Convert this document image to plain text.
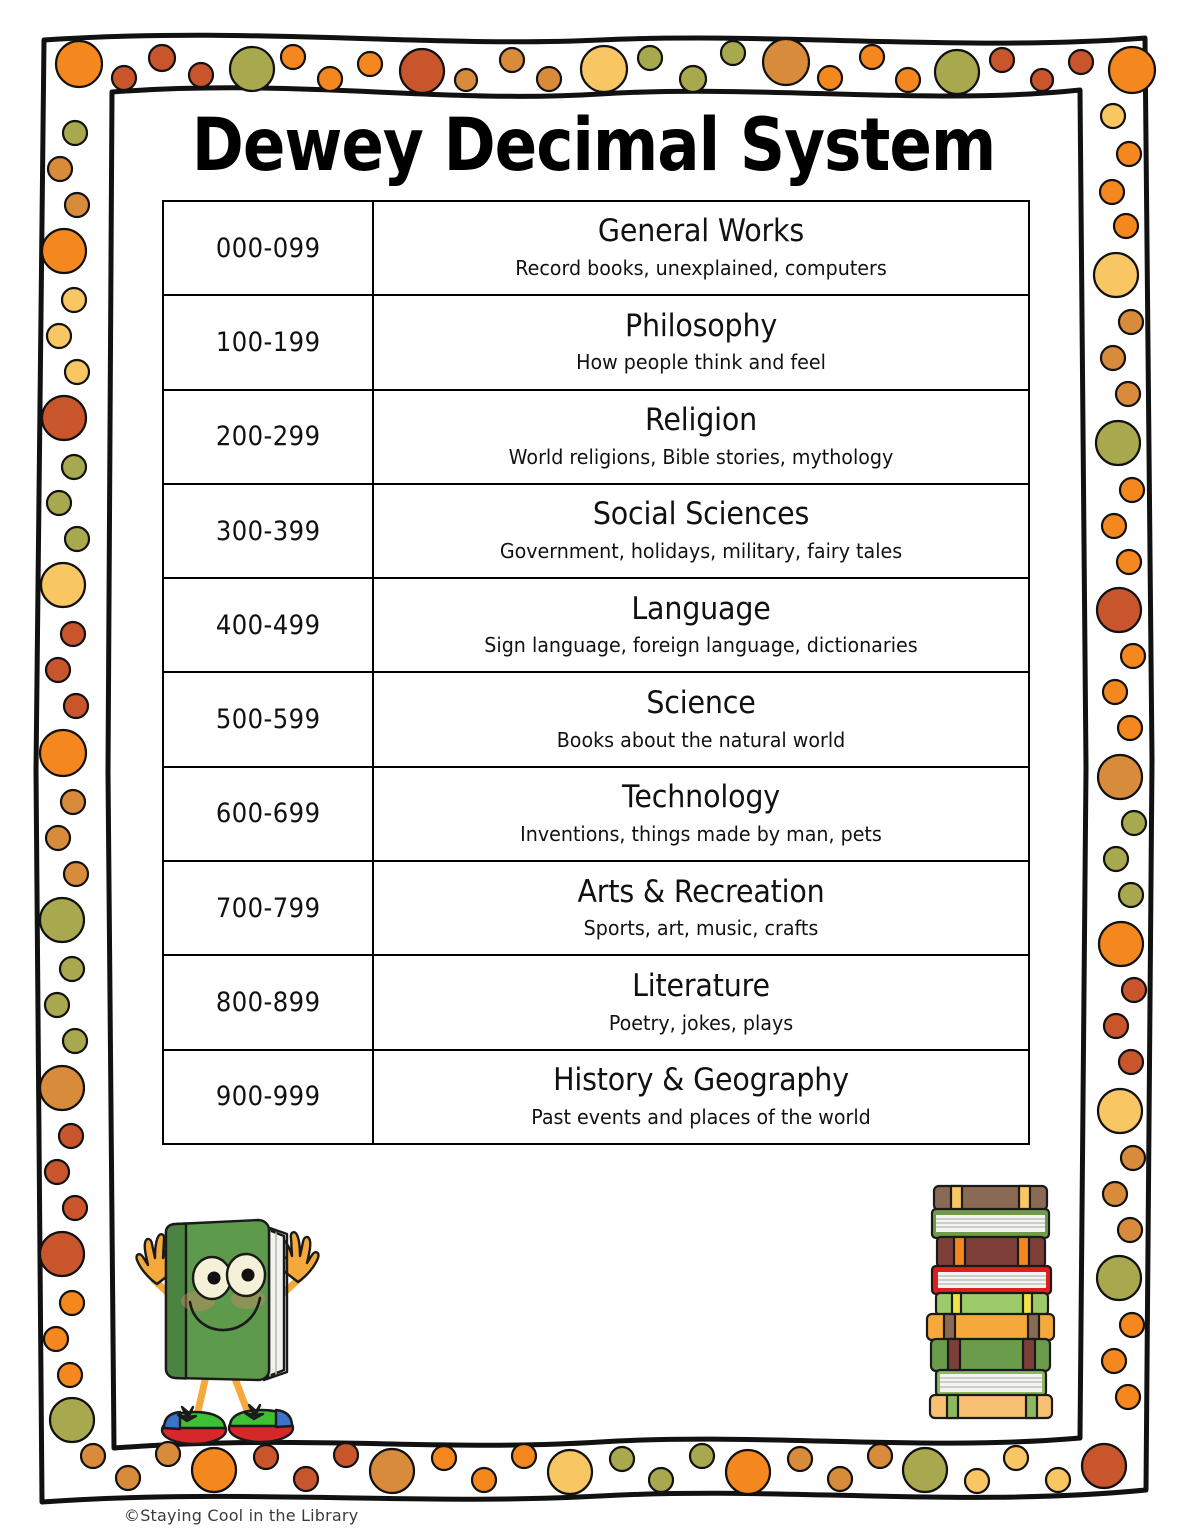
Dewey Decimal System
000-099	General Works
Record books, unexplained, computers

100-199	Philosophy
How people think and feel

200-299	Religion
World religions, Bible stories, mythology

300-399	Social Sciences
Government, holidays, military, fairy tales

400-499	Language
Sign language, foreign language, dictionaries

500-599	Science
Books about the natural world

600-699	Technology
Inventions, things made by man, pets

700-799	Arts & Recreation
Sports, art, music, crafts

800-899	Literature
Poetry, jokes, plays

900-999	History & Geography
Past events and places of the world
©Staying Cool in the Library
